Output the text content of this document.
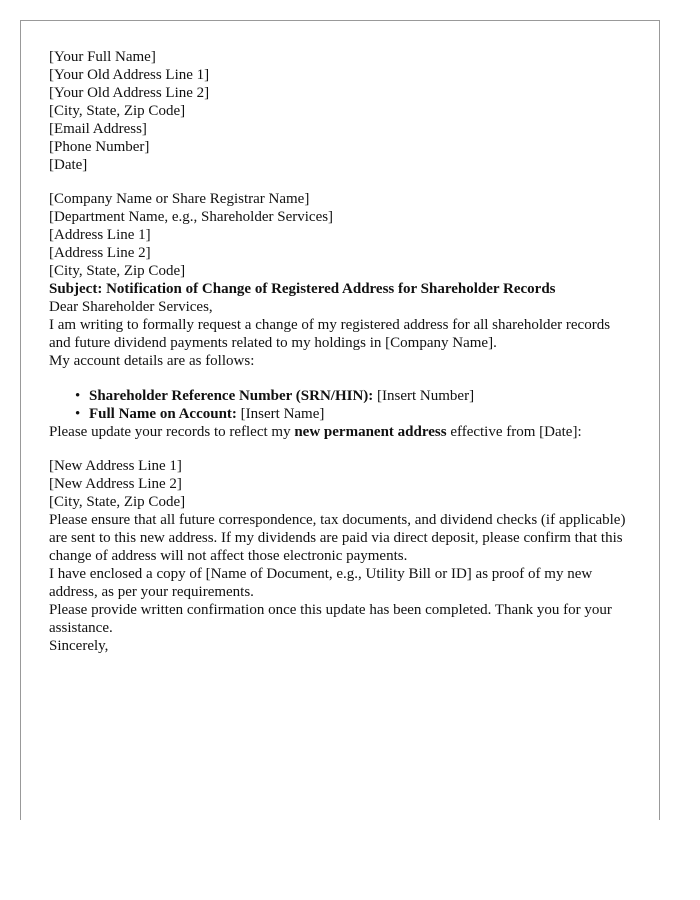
[Your Full Name]
[Your Old Address Line 1]
[Your Old Address Line 2]
[City, State, Zip Code]
[Email Address]
[Phone Number]
[Date]
[Company Name or Share Registrar Name]
[Department Name, e.g., Shareholder Services]
[Address Line 1]
[Address Line 2]
[City, State, Zip Code]

Subject: Notification of Change of Registered Address for Shareholder Records

Dear Shareholder Services,

I am writing to formally request a change of my registered address for all shareholder records and future dividend payments related to my holdings in [Company Name].

My account details are as follows:

• Shareholder Reference Number (SRN/HIN): [Insert Number]
• Full Name on Account: [Insert Name]

Please update your records to reflect my new permanent address effective from [Date]:

[New Address Line 1]
[New Address Line 2]
[City, State, Zip Code]

Please ensure that all future correspondence, tax documents, and dividend checks (if applicable) are sent to this new address. If my dividends are paid via direct deposit, please confirm that this change of address will not affect those electronic payments.

I have enclosed a copy of [Name of Document, e.g., Utility Bill or ID] as proof of my new address, as per your requirements.

Please provide written confirmation once this update has been completed. Thank you for your assistance.

Sincerely,
